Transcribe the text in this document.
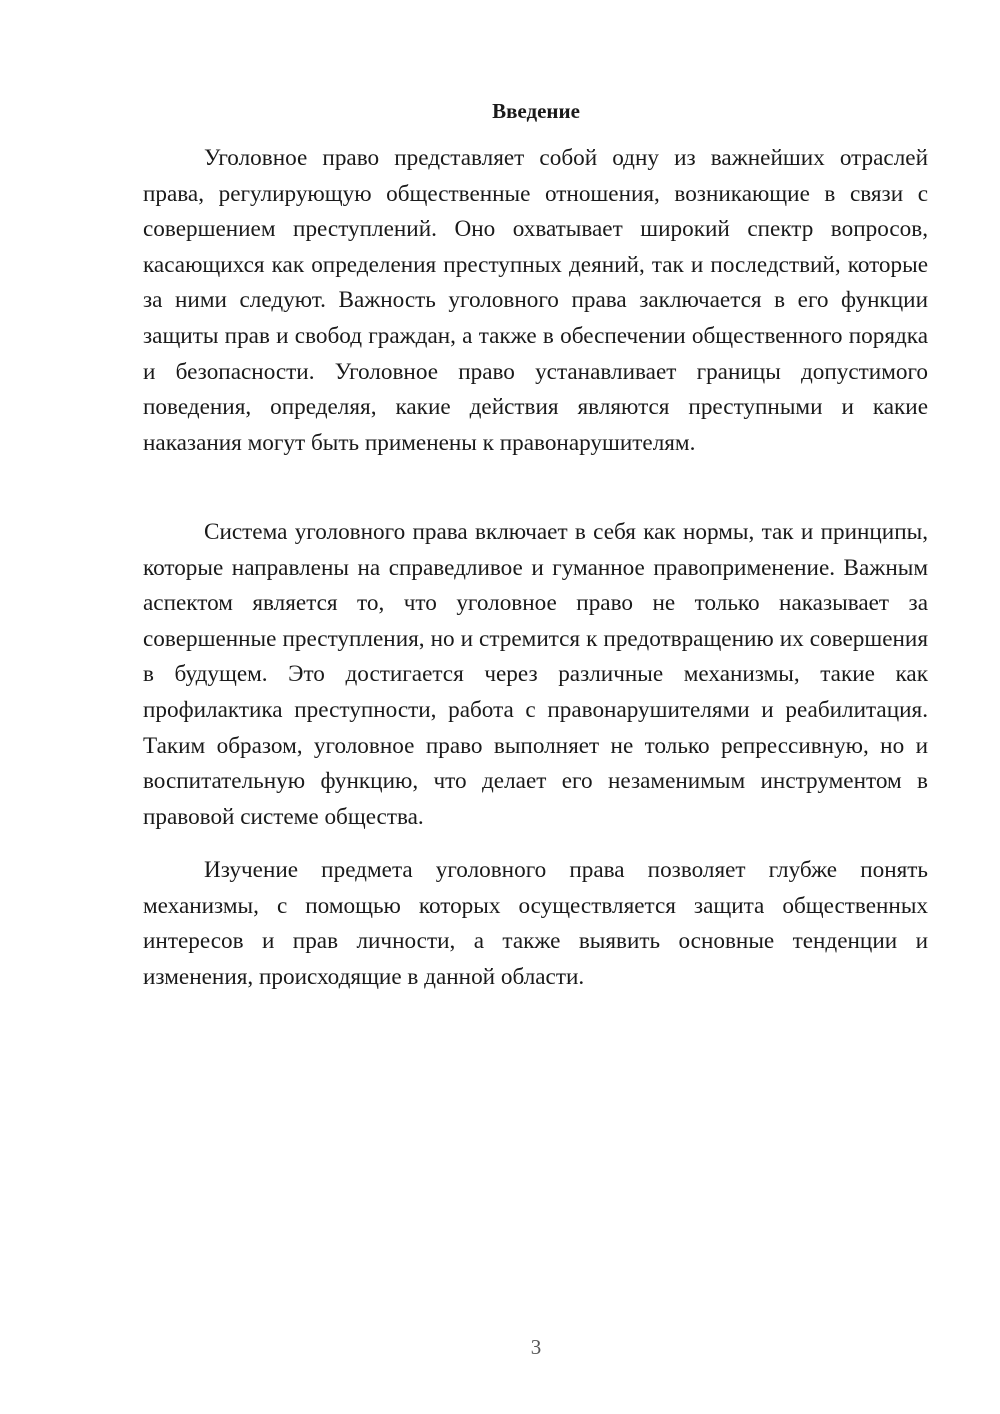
Введение

Уголовное право представляет собой одну из важнейших отраслей права, регулирующую общественные отношения, возникающие в связи с совершением преступлений. Оно охватывает широкий спектр вопросов, касающихся как определения преступных деяний, так и последствий, которые за ними следуют. Важность уголовного права заключается в его функции защиты прав и свобод граждан, а также в обеспечении общественного порядка и безопасности. Уголовное право устанавливает границы допустимого поведения, определяя, какие действия являются преступными и какие наказания могут быть применены к правонарушителям.

Система уголовного права включает в себя как нормы, так и принципы, которые направлены на справедливое и гуманное правоприменение. Важным аспектом является то, что уголовное право не только наказывает за совершенные преступления, но и стремится к предотвращению их совершения в будущем. Это достигается через различные механизмы, такие как профилактика преступности, работа с правонарушителями и реабилитация. Таким образом, уголовное право выполняет не только репрессивную, но и воспитательную функцию, что делает его незаменимым инструментом в правовой системе общества.

Изучение предмета уголовного права позволяет глубже понять механизмы, с помощью которых осуществляется защита общественных интересов и прав личности, а также выявить основные тенденции и изменения, происходящие в данной области.

3
